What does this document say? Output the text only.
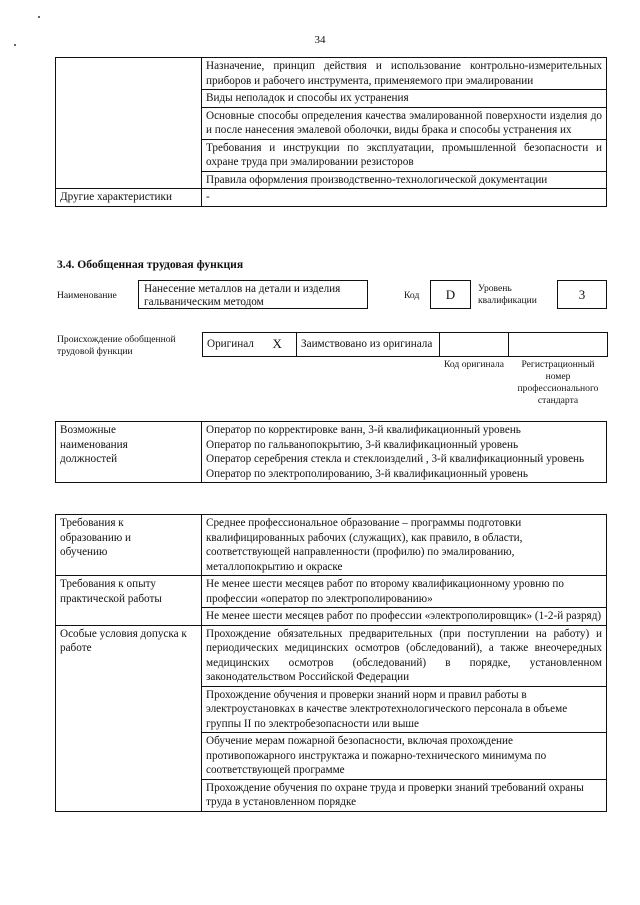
34
	Назначение, принцип действия и использование контрольно-измерительных приборов и рабочего инструмента, применяемого при эмалировании
	Виды неполадок и способы их устранения
	Основные способы определения качества эмалированной поверхности изделия до и после нанесения эмалевой оболочки, виды брака и способы устранения их
	Требования и инструкции по эксплуатации, промышленной безопасности и охране труда при эмалировании резисторов
	Правила оформления производственно-технологической документации
Другие характеристики	-
3.4. Обобщенная трудовая функция
Наименование
Нанесение металлов на детали и изделия гальваническим методом
Код	D	Уровень квалификации	3
Происхождение обобщенной трудовой функции
Оригинал	X	Заимствовано из оригинала		
Код оригинала	Регистрационный номер профессионального стандарта
Возможные наименования должностей

Оператор по корректировке ванн, 3-й квалификационный уровень
Оператор по гальванопокрытию, 3-й квалификационный уровень
Оператор серебрения стекла и стеклоизделий , 3-й квалификационный уровень
Оператор по электрополированию, 3-й квалификационный уровень
Требования к образованию и обучению	Среднее профессиональное образование – программы подготовки квалифицированных рабочих (служащих), как правило, в области, соответствующей направленности (профилю) по эмалированию, металлопокрытию и окраске

Требования к опыту практической работы	Не менее шести месяцев работ по второму квалификационному уровню по профессии «оператор по электрополированию»
	Не менее шести месяцев работ по профессии «электрополировщик» (1-2-й разряд)
Особые условия допуска к работе	Прохождение обязательных предварительных (при поступлении на работу) и периодических медицинских осмотров (обследований), а также внеочередных медицинских осмотров (обследований) в порядке, установленном законодательством Российской Федерации
	Прохождение обучения и проверки знаний норм и правил работы в электроустановках в качестве электротехнологического персонала в объеме группы II по электробезопасности или выше
	Обучение мерам пожарной безопасности, включая прохождение противопожарного инструктажа и пожарно-технического минимума по соответствующей программе
	Прохождение обучения по охране труда и проверки знаний требований охраны труда в установленном порядке
